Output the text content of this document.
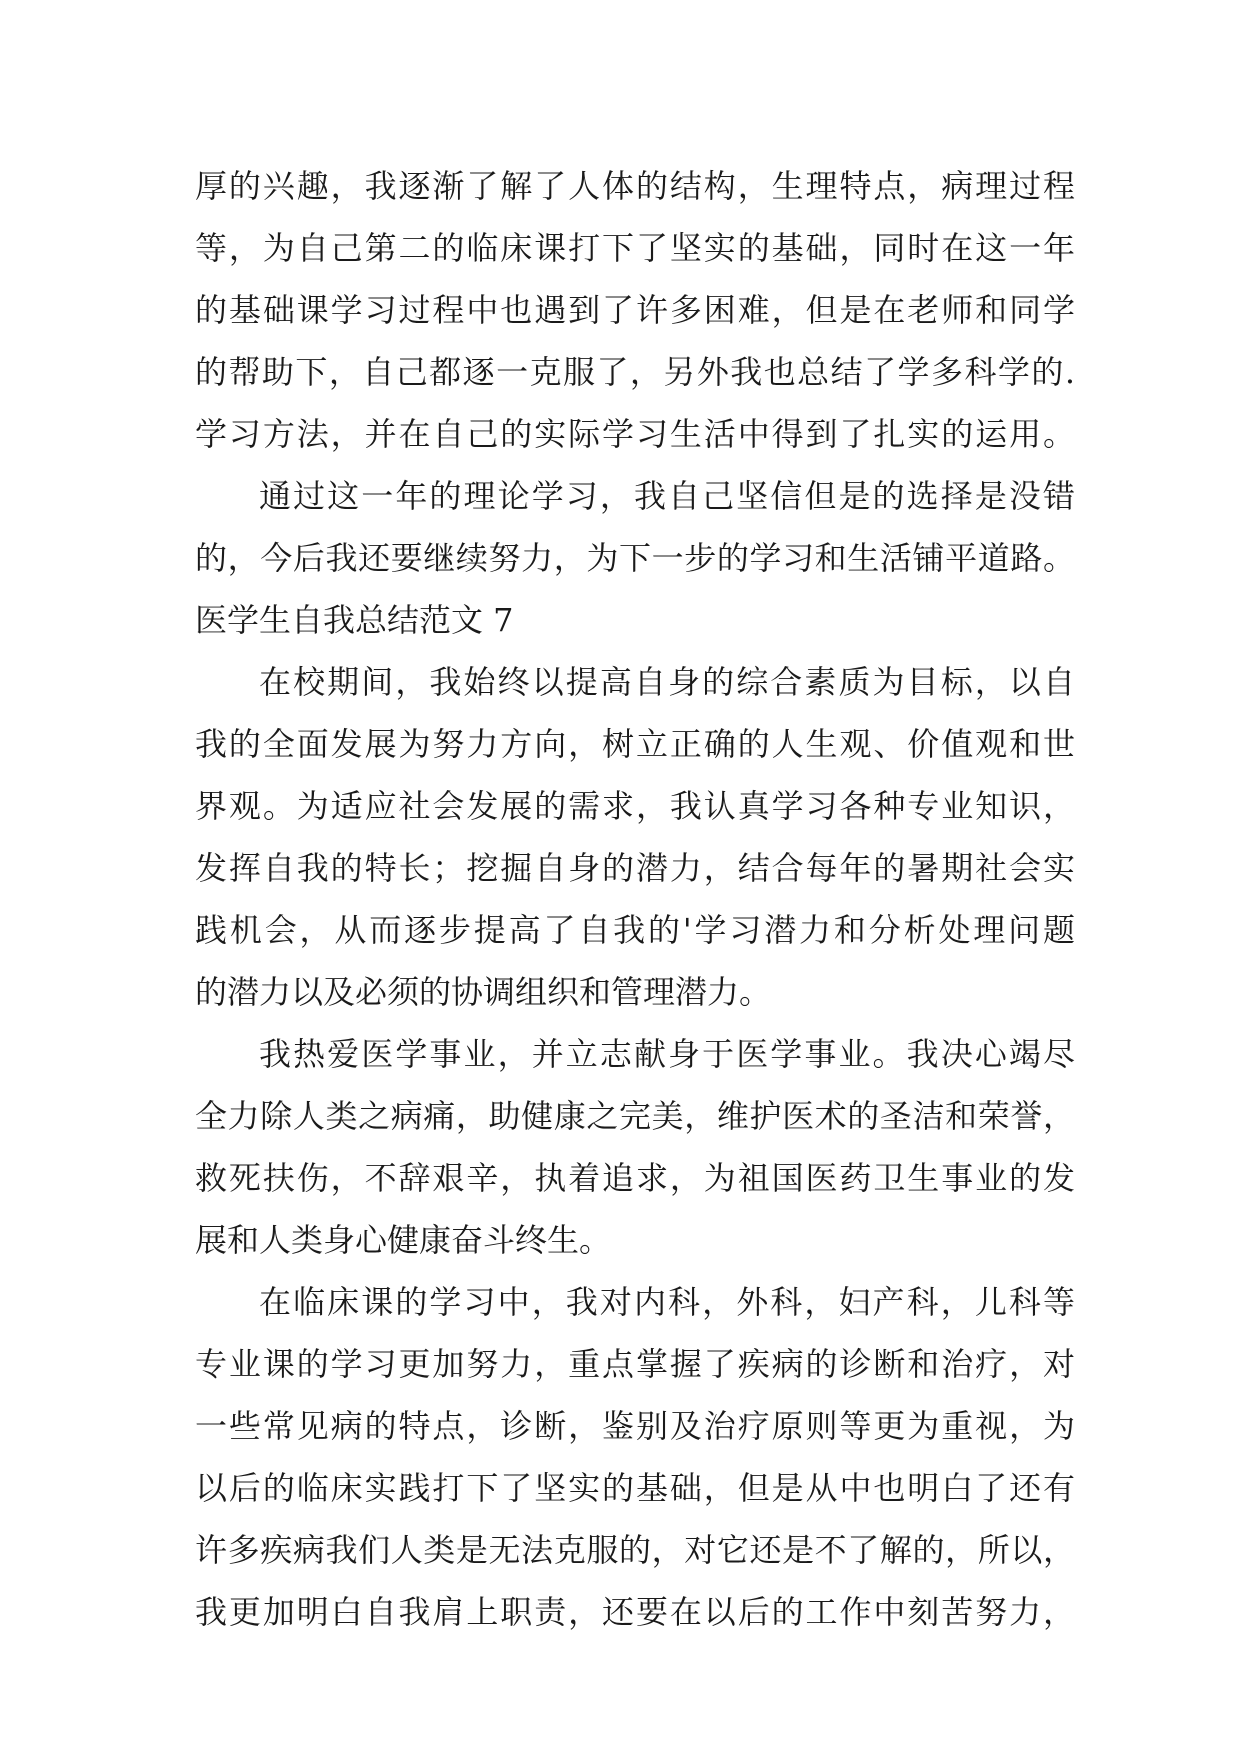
厚的兴趣，我逐渐了解了人体的结构，生理特点，病理过程
等，为自己第二的临床课打下了坚实的基础，同时在这一年
的基础课学习过程中也遇到了许多困难，但是在老师和同学
的帮助下，自己都逐一克服了，另外我也总结了学多科学的.
学习方法，并在自己的实际学习生活中得到了扎实的运用。
通过这一年的理论学习，我自己坚信但是的选择是没错
的，今后我还要继续努力，为下一步的学习和生活铺平道路。
医学生自我总结范文 7
在校期间，我始终以提高自身的综合素质为目标，以自
我的全面发展为努力方向，树立正确的人生观、价值观和世
界观。为适应社会发展的需求，我认真学习各种专业知识，
发挥自我的特长；挖掘自身的潜力，结合每年的暑期社会实
践机会，从而逐步提高了自我的'学习潜力和分析处理问题
的潜力以及必须的协调组织和管理潜力。
我热爱医学事业，并立志献身于医学事业。我决心竭尽
全力除人类之病痛，助健康之完美，维护医术的圣洁和荣誉，
救死扶伤，不辞艰辛，执着追求，为祖国医药卫生事业的发
展和人类身心健康奋斗终生。
在临床课的学习中，我对内科，外科，妇产科，儿科等
专业课的学习更加努力，重点掌握了疾病的诊断和治疗，对
一些常见病的特点，诊断，鉴别及治疗原则等更为重视，为
以后的临床实践打下了坚实的基础，但是从中也明白了还有
许多疾病我们人类是无法克服的，对它还是不了解的，所以，
我更加明白自我肩上职责，还要在以后的工作中刻苦努力，
